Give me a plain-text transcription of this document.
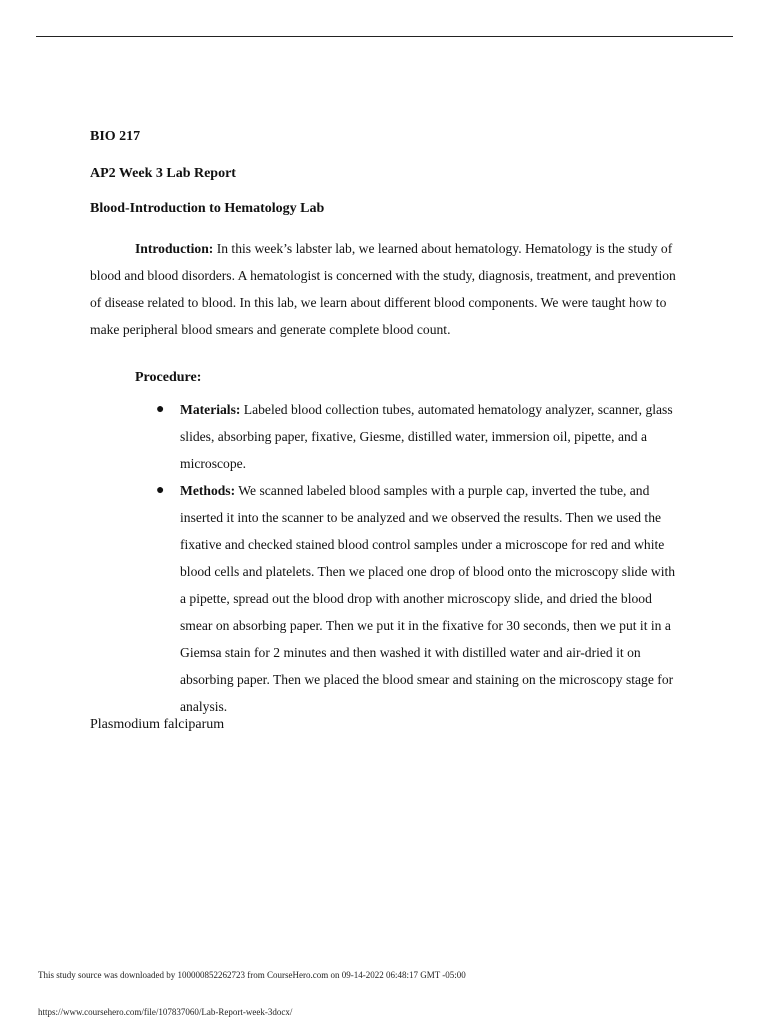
BIO 217
AP2 Week 3 Lab Report
Blood-Introduction to Hematology Lab

Introduction: In this week’s labster lab, we learned about hematology. Hematology is the study of blood and blood disorders. A hematologist is concerned with the study, diagnosis, treatment, and prevention of disease related to blood. In this lab, we learn about different blood components. We were taught how to make peripheral blood smears and generate complete blood count.

Procedure:
● Materials: Labeled blood collection tubes, automated hematology analyzer, scanner, glass slides, absorbing paper, fixative, Giesme, distilled water, immersion oil, pipette, and a microscope.
● Methods: We scanned labeled blood samples with a purple cap, inverted the tube, and inserted it into the scanner to be analyzed and we observed the results. Then we used the fixative and checked stained blood control samples under a microscope for red and white blood cells and platelets. Then we placed one drop of blood onto the microscopy slide with a pipette, spread out the blood drop with another microscopy slide, and dried the blood smear on absorbing paper. Then we put it in the fixative for 30 seconds, then we put it in a Giemsa stain for 2 minutes and then washed it with distilled water and air-dried it on absorbing paper. Then we placed the blood smear and staining on the microscopy stage for analysis.
Plasmodium falciparum
This study source was downloaded by 100000852262723 from CourseHero.com on 09-14-2022 06:48:17 GMT -05:00
https://www.coursehero.com/file/107837060/Lab-Report-week-3docx/
